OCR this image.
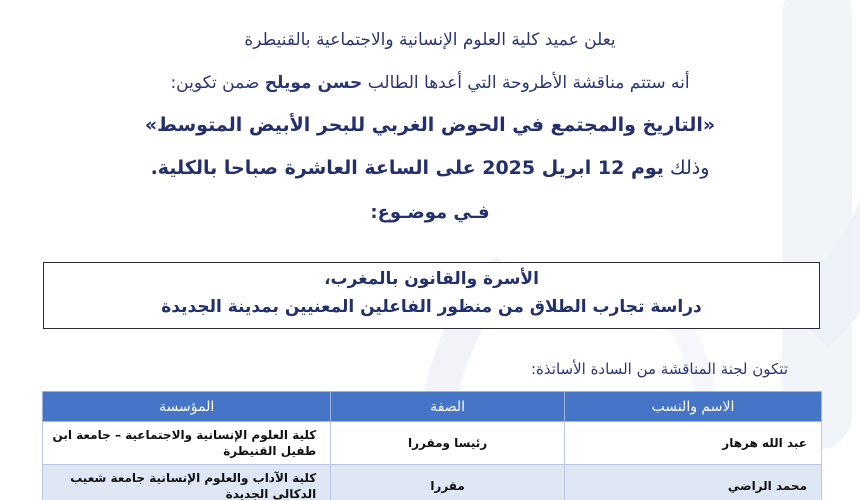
يعلن عميد كلية العلوم الإنسانية والاجتماعية بالقنيطرة
أنه ستتم مناقشة الأطروحة التي أعدها الطالب حسن مويلح ضمن تكوين:
«التاريخ والمجتمع في الحوض الغربي للبحر الأبيض المتوسط»
وذلك يوم 12 ابريل 2025 على الساعة العاشرة صباحا بالكلية.
فـي موضـوع:
الأسرة والقانون بالمغرب،
دراسة تجارب الطلاق من منظور الفاعلين المعنيين بمدينة الجديدة
تتكون لجنة المناقشة من السادة الأساتذة:
الاسم والنسب	الصفة	المؤسسة
عبد الله هرهار	رئيسا ومقررا	كلية العلوم الإنسانية والاجتماعية – جامعة ابن طفيل القنيطرة
محمد الراضي	مقررا	كلية الآداب والعلوم الإنسانية جامعة شعيب الدكالي الجديدة
